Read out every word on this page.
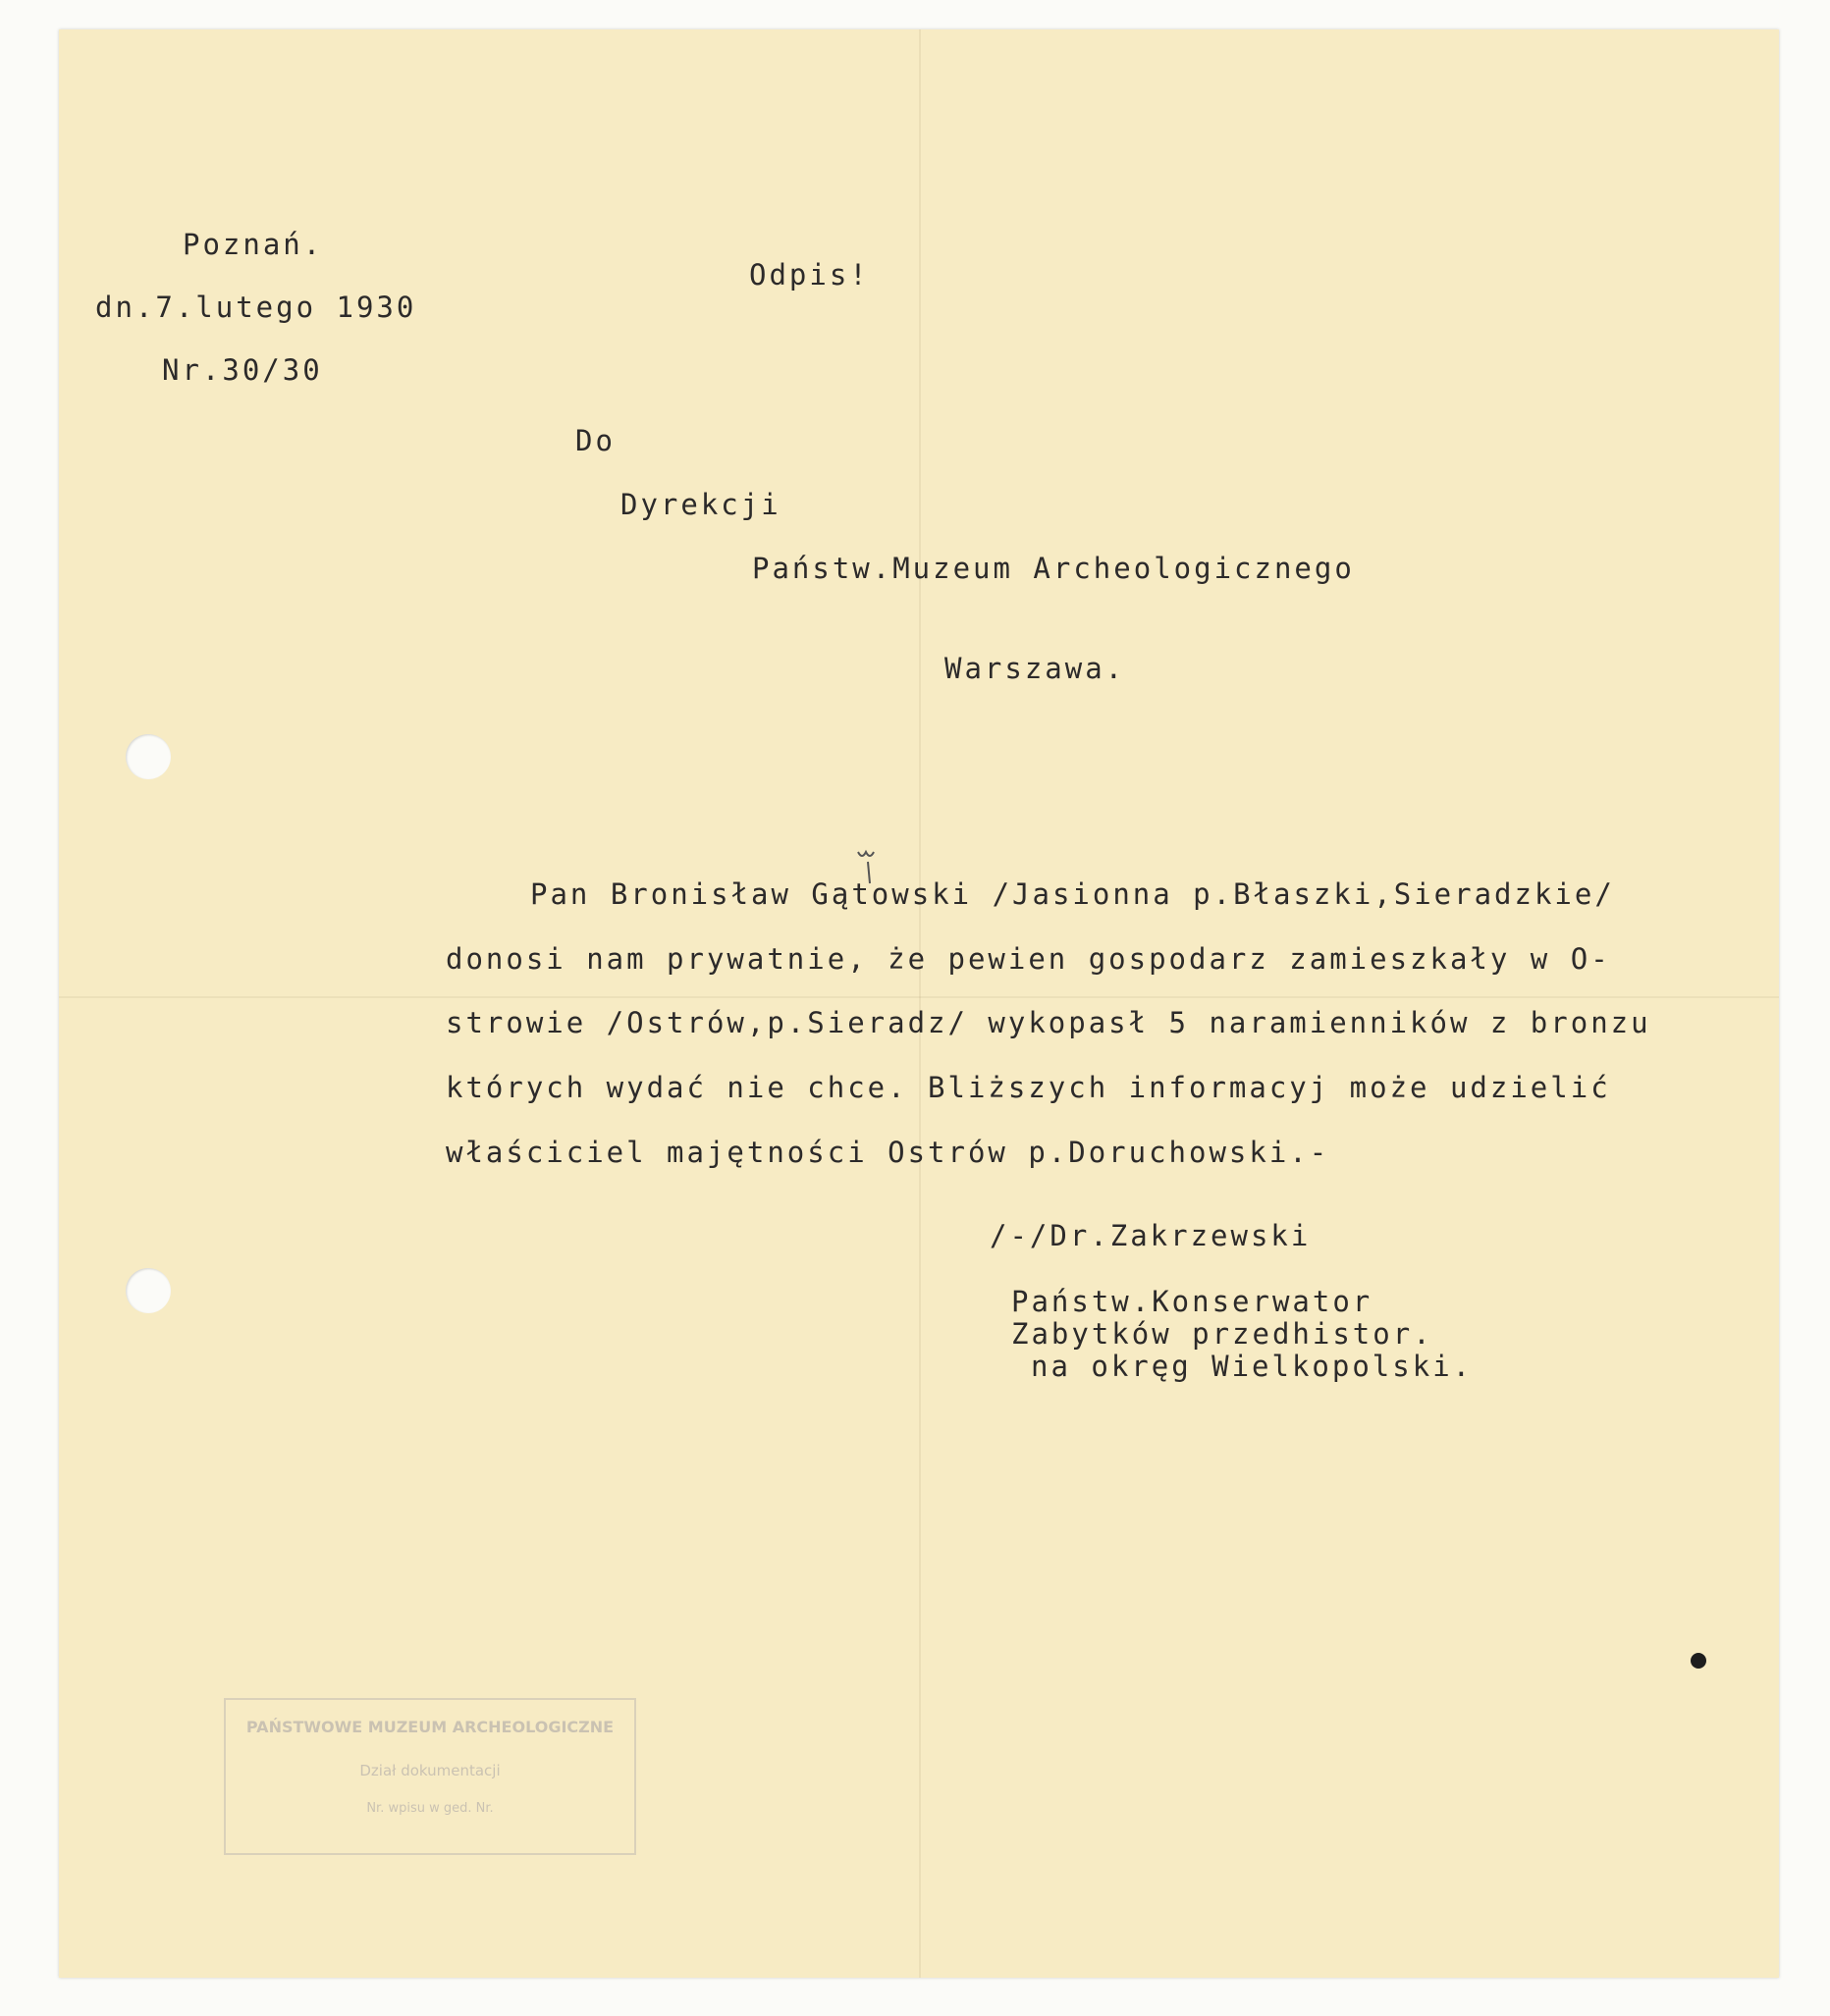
Poznań.
dn.7.lutego 1930
Nr.30/30
Odpis!
Do
Dyrekcji
Państw.Muzeum Archeologicznego
Warszawa.
Pan Bronisław Gątowski /Jasionna p.Błaszki,Sieradzkie/
donosi nam prywatnie, że pewien gospodarz zamieszkały w O-
strowie /Ostrów,p.Sieradz/ wykopasł 5 naramienników z bronzu
których wydać nie chce. Bliższych informacyj może udzielić
właściciel majętności Ostrów p.Doruchowski.-
/-/Dr.Zakrzewski
Państw.Konserwator
Zabytków przedhistor.
na okręg Wielkopolski.
PAŃSTWOWE MUZEUM ARCHEOLOGICZNE
Dział dokumentacji
Nr. wpisu w ged. Nr.
